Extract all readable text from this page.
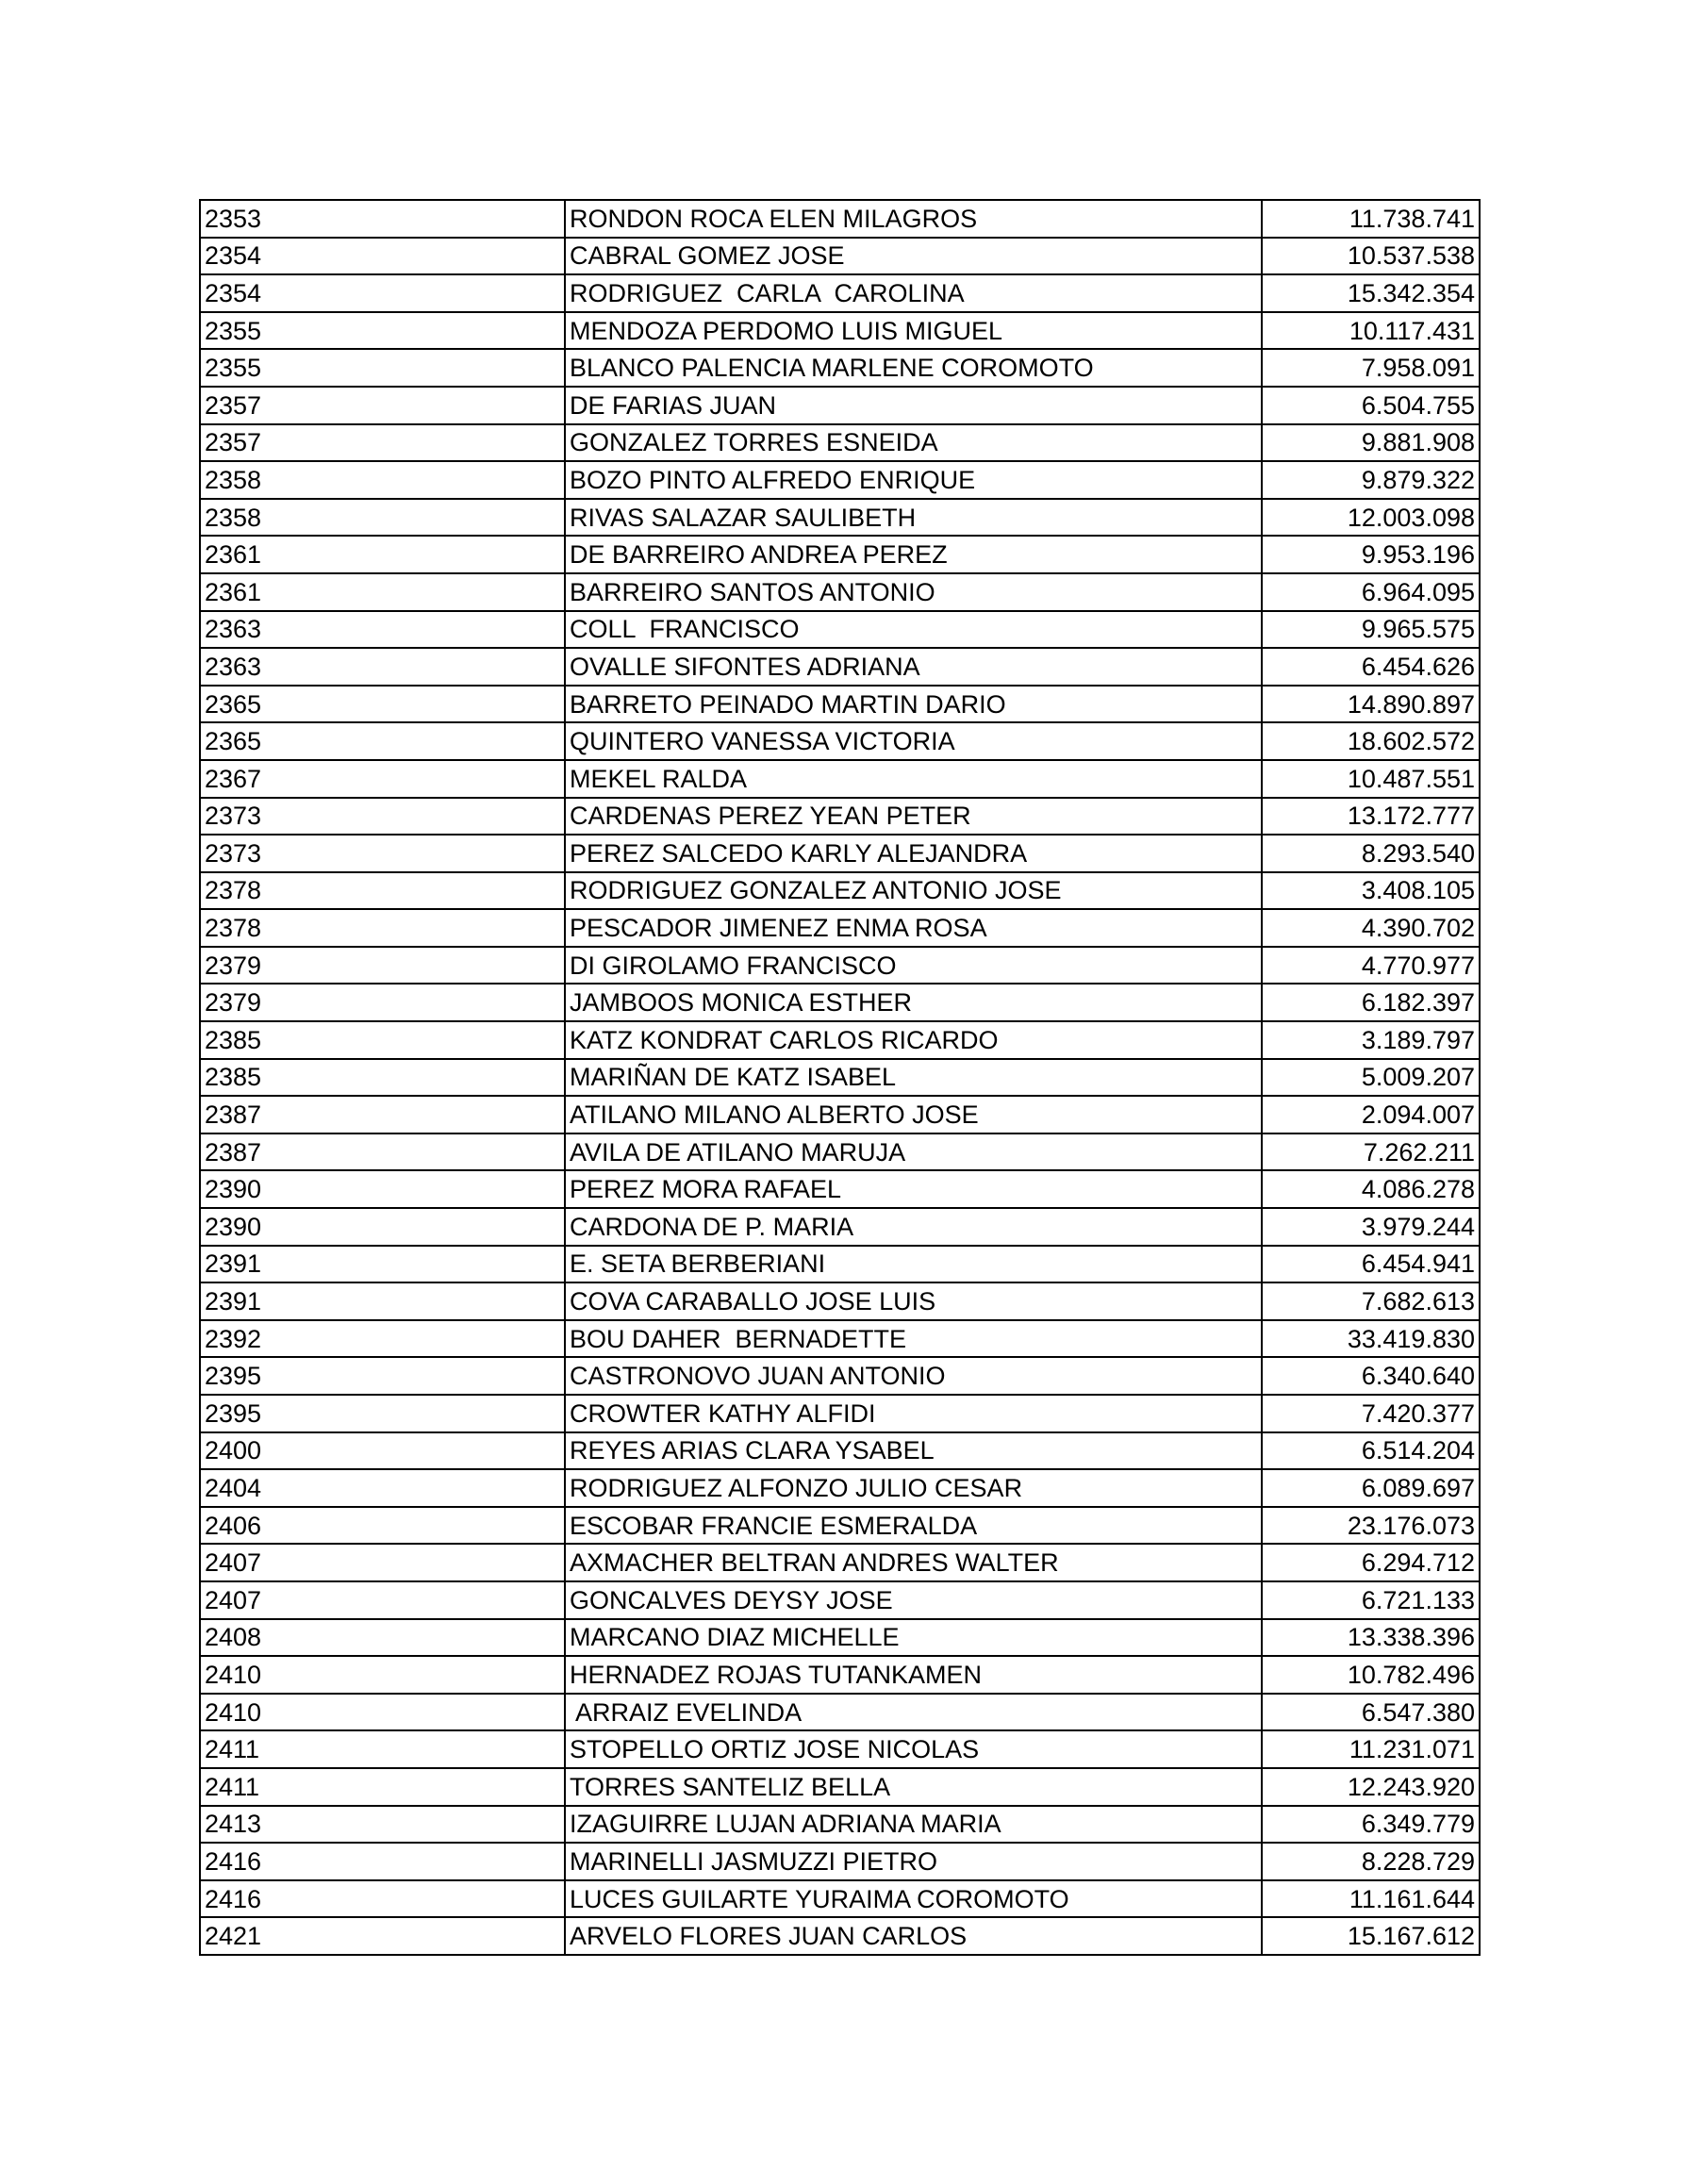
2353	RONDON ROCA ELEN MILAGROS	11.738.741
2354	CABRAL GOMEZ JOSE	10.537.538
2354	RODRIGUEZ  CARLA  CAROLINA	15.342.354
2355	MENDOZA PERDOMO LUIS MIGUEL	10.117.431
2355	BLANCO PALENCIA MARLENE COROMOTO	7.958.091
2357	DE FARIAS JUAN	6.504.755
2357	GONZALEZ TORRES ESNEIDA	9.881.908
2358	BOZO PINTO ALFREDO ENRIQUE	9.879.322
2358	RIVAS SALAZAR SAULIBETH	12.003.098
2361	DE BARREIRO ANDREA PEREZ	9.953.196
2361	BARREIRO SANTOS ANTONIO	6.964.095
2363	COLL  FRANCISCO	9.965.575
2363	OVALLE SIFONTES ADRIANA	6.454.626
2365	BARRETO PEINADO MARTIN DARIO	14.890.897
2365	QUINTERO VANESSA VICTORIA	18.602.572
2367	MEKEL RALDA	10.487.551
2373	CARDENAS PEREZ YEAN PETER	13.172.777
2373	PEREZ SALCEDO KARLY ALEJANDRA	8.293.540
2378	RODRIGUEZ GONZALEZ ANTONIO JOSE	3.408.105
2378	PESCADOR JIMENEZ ENMA ROSA	4.390.702
2379	DI GIROLAMO FRANCISCO	4.770.977
2379	JAMBOOS MONICA ESTHER	6.182.397
2385	KATZ KONDRAT CARLOS RICARDO	3.189.797
2385	MARIÑAN DE KATZ ISABEL	5.009.207
2387	ATILANO MILANO ALBERTO JOSE	2.094.007
2387	AVILA DE ATILANO MARUJA	7.262.211
2390	PEREZ MORA RAFAEL	4.086.278
2390	CARDONA DE P. MARIA	3.979.244
2391	E. SETA BERBERIANI	6.454.941
2391	COVA CARABALLO JOSE LUIS	7.682.613
2392	BOU DAHER  BERNADETTE	33.419.830
2395	CASTRONOVO JUAN ANTONIO	6.340.640
2395	CROWTER KATHY ALFIDI	7.420.377
2400	REYES ARIAS CLARA YSABEL	6.514.204
2404	RODRIGUEZ ALFONZO JULIO CESAR	6.089.697
2406	ESCOBAR FRANCIE ESMERALDA	23.176.073
2407	AXMACHER BELTRAN ANDRES WALTER	6.294.712
2407	GONCALVES DEYSY JOSE	6.721.133
2408	MARCANO DIAZ MICHELLE	13.338.396
2410	HERNADEZ ROJAS TUTANKAMEN	10.782.496
2410	ARRAIZ EVELINDA	6.547.380
2411	STOPELLO ORTIZ JOSE NICOLAS	11.231.071
2411	TORRES SANTELIZ BELLA	12.243.920
2413	IZAGUIRRE LUJAN ADRIANA MARIA	6.349.779
2416	MARINELLI JASMUZZI PIETRO	8.228.729
2416	LUCES GUILARTE YURAIMA COROMOTO	11.161.644
2421	ARVELO FLORES JUAN CARLOS	15.167.612
